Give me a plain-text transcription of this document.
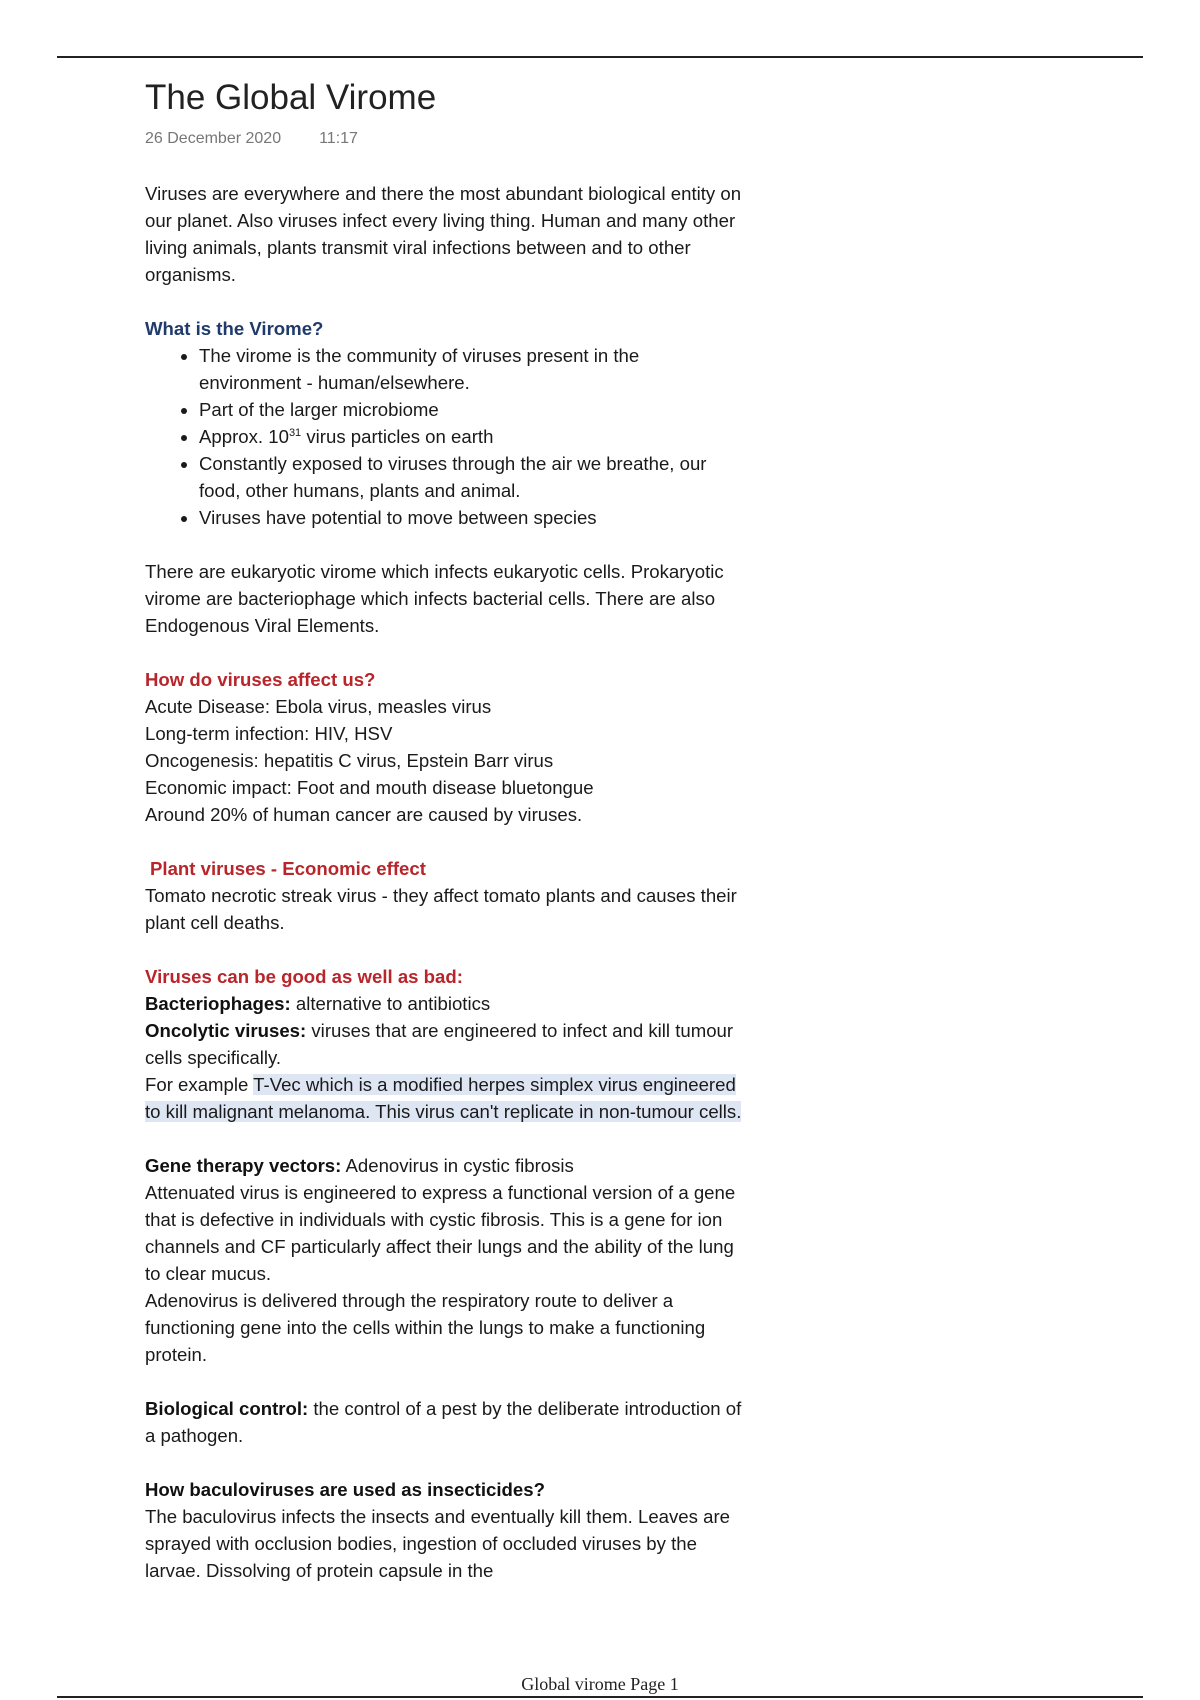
The Global Virome
26 December 2020 11:17

Viruses are everywhere and there the most abundant biological entity on our planet. Also viruses infect every living thing. Human and many other living animals, plants transmit viral infections between and to other organisms.

What is the Virome?

• The virome is the community of viruses present in the environment - human/elsewhere.
• Part of the larger microbiome
• Approx. $10^{31}$ virus particles on earth
• Constantly exposed to viruses through the air we breathe, our food, other humans, plants and animal.
• Viruses have potential to move between species

There are eukaryotic virome which infects eukaryotic cells. Prokaryotic virome are bacteriophage which infects bacterial cells. There are also Endogenous Viral Elements.

How do viruses affect us?

Acute Disease: Ebola virus, measles virus
Long-term infection: HIV, HSV
Oncogenesis: hepatitis C virus, Epstein Barr virus
Economic impact: Foot and mouth disease bluetongue
Around 20% of human cancer are caused by viruses.

Plant viruses - Economic effect

Tomato necrotic streak virus - they affect tomato plants and causes their plant cell deaths.

Viruses can be good as well as bad:

Bacteriophages: alternative to antibiotics

Oncolytic viruses: viruses that are engineered to infect and kill tumour cells specifically.

For example T-Vec which is a modified herpes simplex virus engineered to kill malignant melanoma. This virus can't replicate in non-tumour cells.

Gene therapy vectors: Adenovirus in cystic fibrosis

Attenuated virus is engineered to express a functional version of a gene that is defective in individuals with cystic fibrosis. This is a gene for ion channels and CF particularly affect their lungs and the ability of the lung to clear mucus.

Adenovirus is delivered through the respiratory route to deliver a functioning gene into the cells within the lungs to make a functioning protein.

Biological control: the control of a pest by the deliberate introduction of a pathogen.

How baculoviruses are used as insecticides?

The baculovirus infects the insects and eventually kill them. Leaves are sprayed with occlusion bodies, ingestion of occluded viruses by the larvae. Dissolving of protein capsule in the

Global virome Page 1
